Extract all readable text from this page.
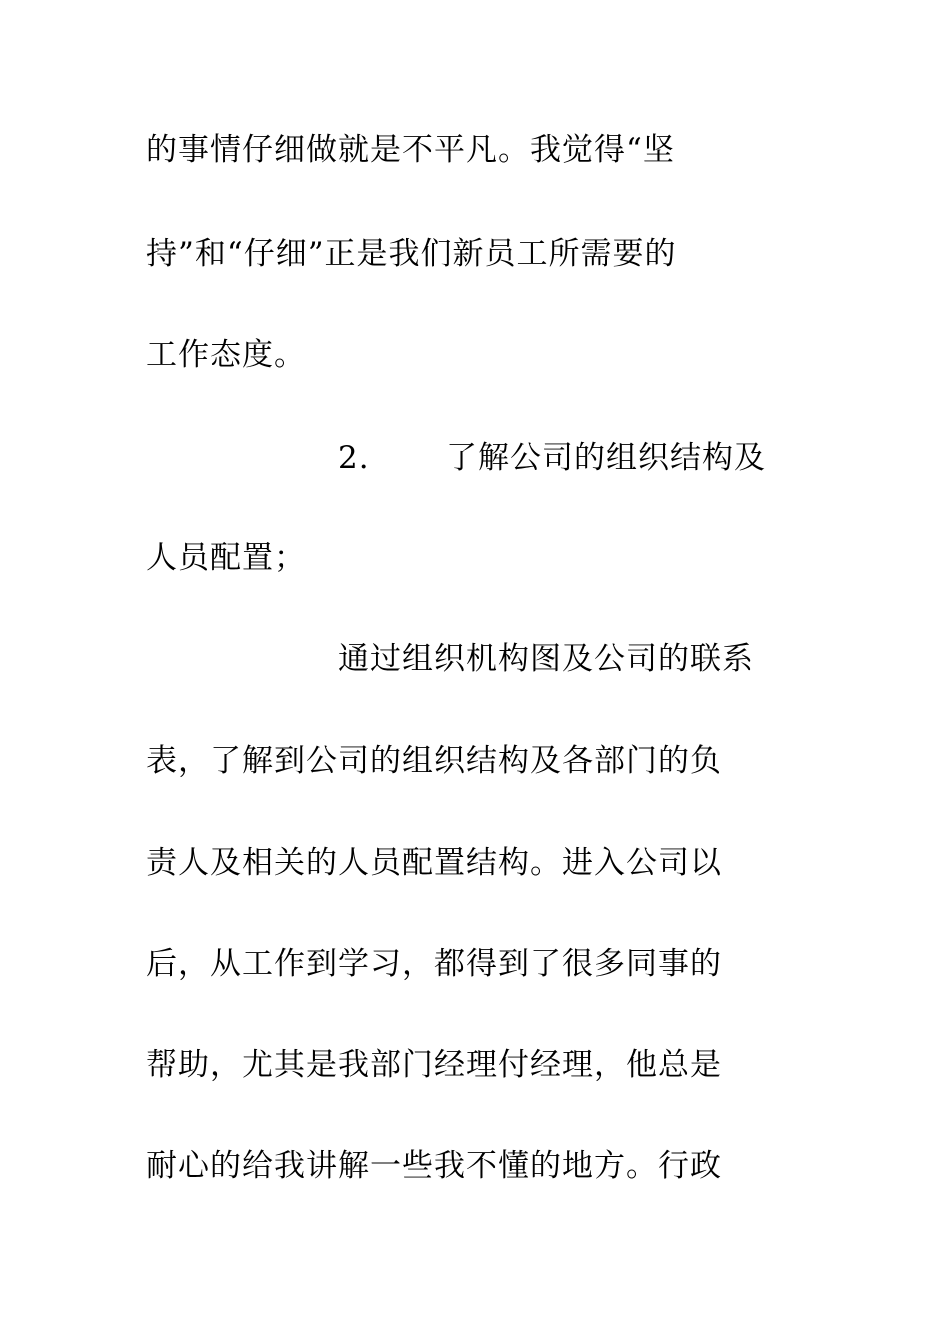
的事情仔细做就是不平凡。我觉得“坚
持”和“仔细”正是我们新员工所需要的
工作态度。
2. 了解公司的组织结构及
人员配置；
通过组织机构图及公司的联系
表，了解到公司的组织结构及各部门的负
责人及相关的人员配置结构。进入公司以
后，从工作到学习，都得到了很多同事的
帮助，尤其是我部门经理付经理，他总是
耐心的给我讲解一些我不懂的地方。行政
